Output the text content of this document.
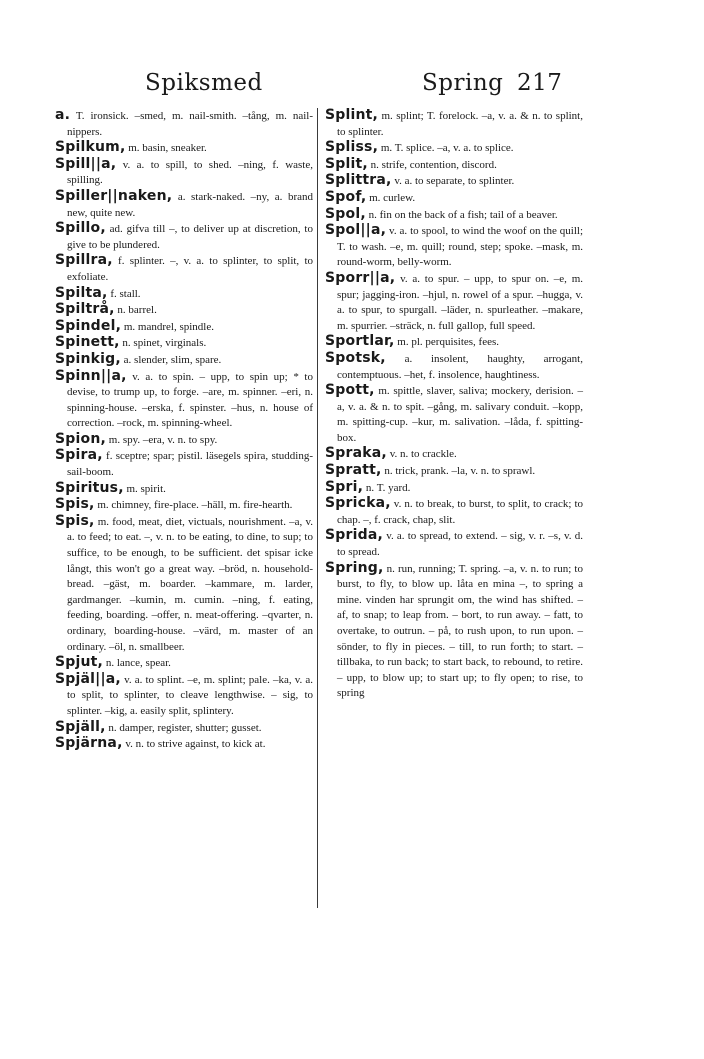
Spiksmed	Spring 217
a. T. ironsick. –smed, m. nail-smith. –tång, m. nail-nippers.
Spilkum, m. basin, sneaker.
Spill||a, v. a. to spill, to shed. –ning, f. waste, spilling.
Spiller||naken, a. stark-naked. –ny, a. brand new, quite new.
Spillo, ad. gifva till –, to deliver up at discretion, to give to be plundered.
Spillra, f. splinter. –, v. a. to splinter, to split, to exfoliate.
Spilta, f. stall.
Spiltrå, n. barrel.
Spindel, m. mandrel, spindle.
Spinett, n. spinet, virginals.
Spinkig, a. slender, slim, spare.
Spinn||a, v. a. to spin. – upp, to spin up; * to devise, to trump up, to forge. –are, m. spinner. –eri, n. spinning-house. –erska, f. spinster. –hus, n. house of correction. –rock, m. spinning-wheel.
Spion, m. spy. –era, v. n. to spy.
Spira, f. sceptre; spar; pistil. läsegels spira, studding-sail-boom.
Spiritus, m. spirit.
Spis, m. chimney, fire-place. –häll, m. fire-hearth.
Spis, m. food, meat, diet, victuals, nourishment. –a, v. a. to feed; to eat. –, v. n. to be eating, to dine, to sup; to suffice, to be enough, to be sufficient. det spisar icke långt, this won't go a great way. –bröd, n. household-bread. –gäst, m. boarder. –kammare, m. larder, gardmanger. –kumin, m. cumin. –ning, f. eating, feeding, boarding. –offer, n. meat-offering. –qvarter, n. ordinary, boarding-house. –värd, m. master of an ordinary. –öl, n. smallbeer.
Spjut, n. lance, spear.
Spjäl||a, v. a. to splint. –e, m. splint; pale. –ka, v. a. to split, to splinter, to cleave lengthwise. – sig, to splinter. –kig, a. easily split, splintery.
Spjäll, n. damper, register, shutter; gusset.
Spjärna, v. n. to strive against, to kick at.
Splint, m. splint; T. forelock. –a, v. a. & n. to splint, to splinter.
Spliss, m. T. splice. –a, v. a. to splice.
Split, n. strife, contention, discord.
Splittra, v. a. to separate, to splinter.
Spof, m. curlew.
Spol, n. fin on the back of a fish; tail of a beaver.
Spol||a, v. a. to spool, to wind the woof on the quill; T. to wash. –e, m. quill; round, step; spoke. –mask, m. round-worm, belly-worm.
Sporr||a, v. a. to spur. – upp, to spur on. –e, m. spur; jagging-iron. –hjul, n. rowel of a spur. –hugga, v. a. to spur, to spurgall. –läder, n. spurleather. –makare, m. spurrier. –sträck, n. full gallop, full speed.
Sportlar, m. pl. perquisites, fees.
Spotsk, a. insolent, haughty, arrogant, contemptuous. –het, f. insolence, haughtiness.
Spott, m. spittle, slaver, saliva; mockery, derision. –a, v. a. & n. to spit. –gång, m. salivary conduit. –kopp, m. spitting-cup. –kur, m. salivation. –låda, f. spitting-box.
Spraka, v. n. to crackle.
Spratt, n. trick, prank. –la, v. n. to sprawl.
Spri, n. T. yard.
Spricka, v. n. to break, to burst, to split, to crack; to chap. –, f. crack, chap, slit.
Sprida, v. a. to spread, to extend. – sig, v. r. –s, v. d. to spread.
Spring, n. run, running; T. spring. –a, v. n. to run; to burst, to fly, to blow up. låta en mina –, to spring a mine. vinden har sprungit om, the wind has shifted. – af, to snap; to leap from. – bort, to run away. – fatt, to overtake, to outrun. – på, to rush upon, to run upon. – sönder, to fly in pieces. – till, to run forth; to start. – tillbaka, to run back; to start back, to rebound, to retire. – upp, to blow up; to start up; to fly open; to rise, to spring
